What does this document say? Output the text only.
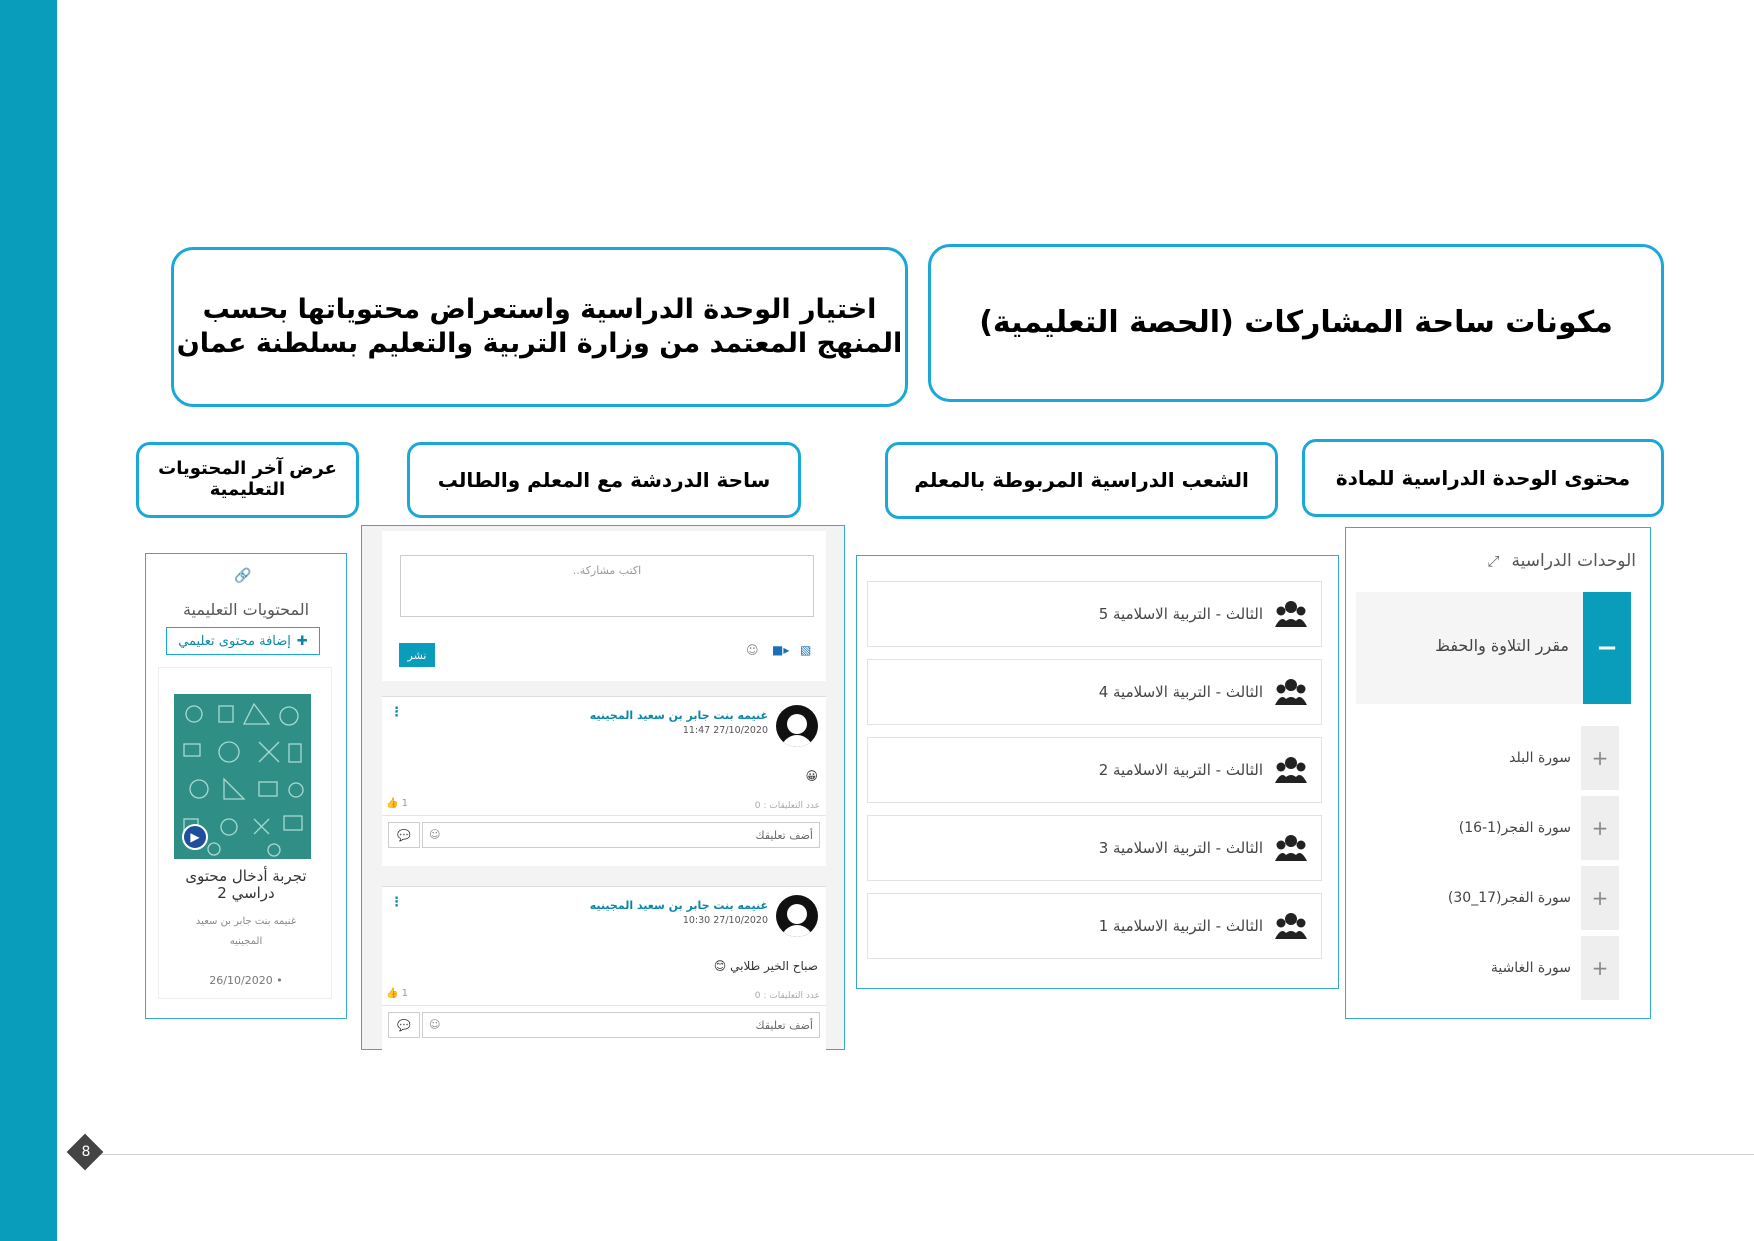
مكونات ساحة المشاركات (الحصة التعليمية)
اختيار الوحدة الدراسية واستعراض محتوياتها بحسب
المنهج المعتمد من وزارة التربية والتعليم بسلطنة عمان
محتوى الوحدة الدراسية للمادة
الشعب الدراسية المربوطة بالمعلم
ساحة الدردشة مع المعلم والطالب
عرض آخر المحتويات
التعليمية
الوحدات الدراسية
⤢
−
مقرر التلاوة والحفظ
+
سورة البلد
+
سورة الفجر(1-16)
+
سورة الفجر(17_30)
+
سورة الغاشية
الثالث - التربية الاسلامية 5
الثالث - التربية الاسلامية 4
الثالث - التربية الاسلامية 2
الثالث - التربية الاسلامية 3
الثالث - التربية الاسلامية 1
اكتب مشاركة..
نشر	▧
■▸
☺
⋮	غنيمه بنت جابر بن سعيد المجينيه
11:47 27/10/2020
😀
عدد التعليقات : 0
👍 1
💬	أضف تعليقك
☺
⋮	غنيمه بنت جابر بن سعيد المجينيه
10:30 27/10/2020
صباح الخير طلابي 😊
عدد التعليقات : 0
👍 1
💬	أضف تعليقك
☺
🔗
المحتويات التعليمية
✚
إضافة محتوى تعليمي
▶
تجربة أدخال محتوى
دراسي 2
غنيمه بنت جابر بن سعيد
المجينيه
26/10/2020 •
8
